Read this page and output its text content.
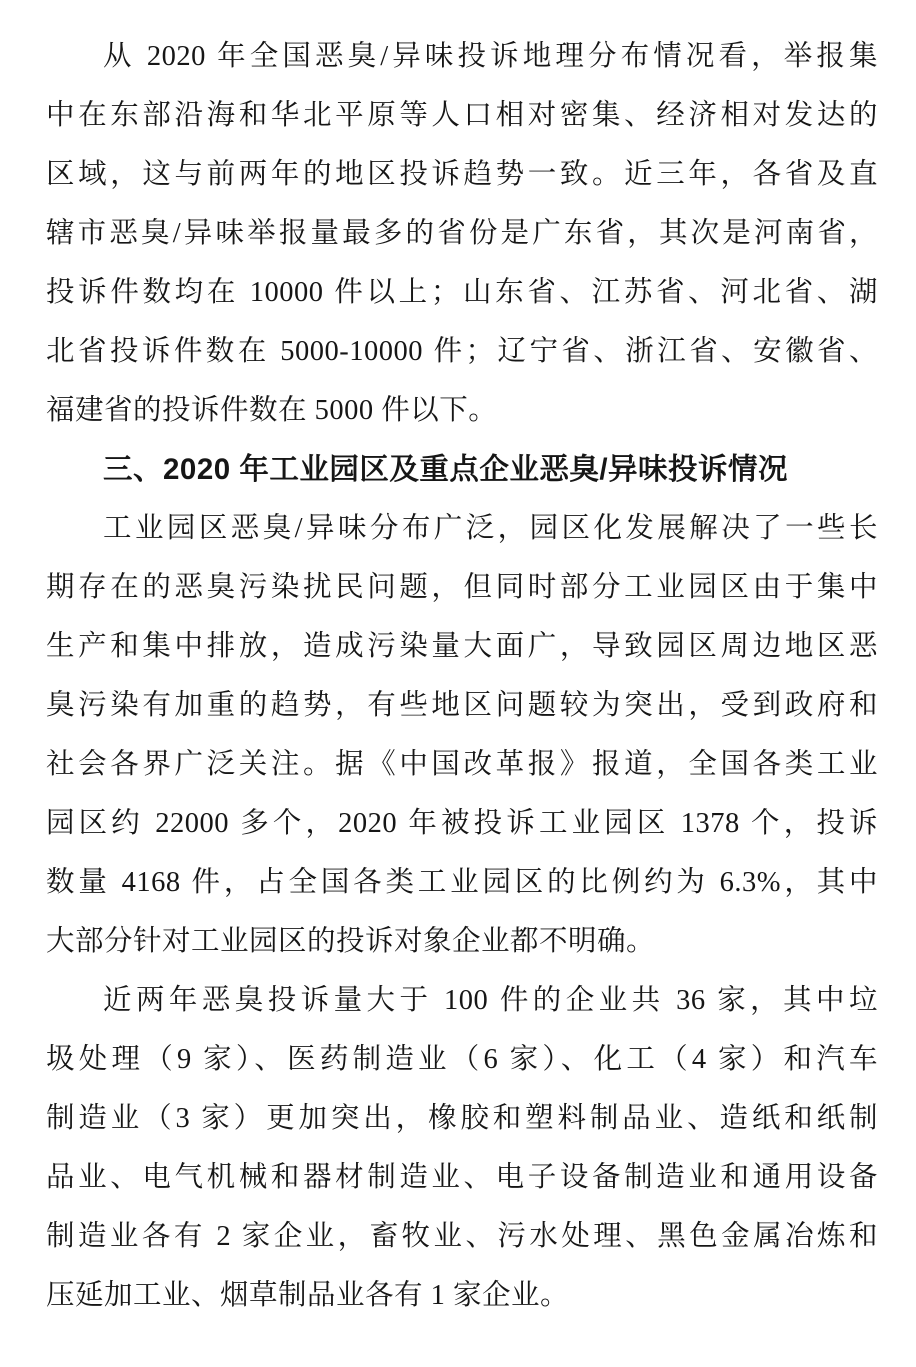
从 2020 年全国恶臭/异味投诉地理分布情况看，举报集
中在东部沿海和华北平原等人口相对密集、经济相对发达的
区域，这与前两年的地区投诉趋势一致。近三年，各省及直
辖市恶臭/异味举报量最多的省份是广东省，其次是河南省，
投诉件数均在 10000 件以上；山东省、江苏省、河北省、湖
北省投诉件数在 5000-10000 件；辽宁省、浙江省、安徽省、
福建省的投诉件数在 5000 件以下。
三、2020 年工业园区及重点企业恶臭/异味投诉情况
工业园区恶臭/异味分布广泛，园区化发展解决了一些长
期存在的恶臭污染扰民问题，但同时部分工业园区由于集中
生产和集中排放，造成污染量大面广，导致园区周边地区恶
臭污染有加重的趋势，有些地区问题较为突出，受到政府和
社会各界广泛关注。据《中国改革报》报道，全国各类工业
园区约 22000 多个，2020 年被投诉工业园区 1378 个，投诉
数量 4168 件，占全国各类工业园区的比例约为 6.3%，其中
大部分针对工业园区的投诉对象企业都不明确。
近两年恶臭投诉量大于 100 件的企业共 36 家，其中垃
圾处理（9 家）、医药制造业（6 家）、化工（4 家）和汽车
制造业（3 家）更加突出，橡胶和塑料制品业、造纸和纸制
品业、电气机械和器材制造业、电子设备制造业和通用设备
制造业各有 2 家企业，畜牧业、污水处理、黑色金属冶炼和
压延加工业、烟草制品业各有 1 家企业。
